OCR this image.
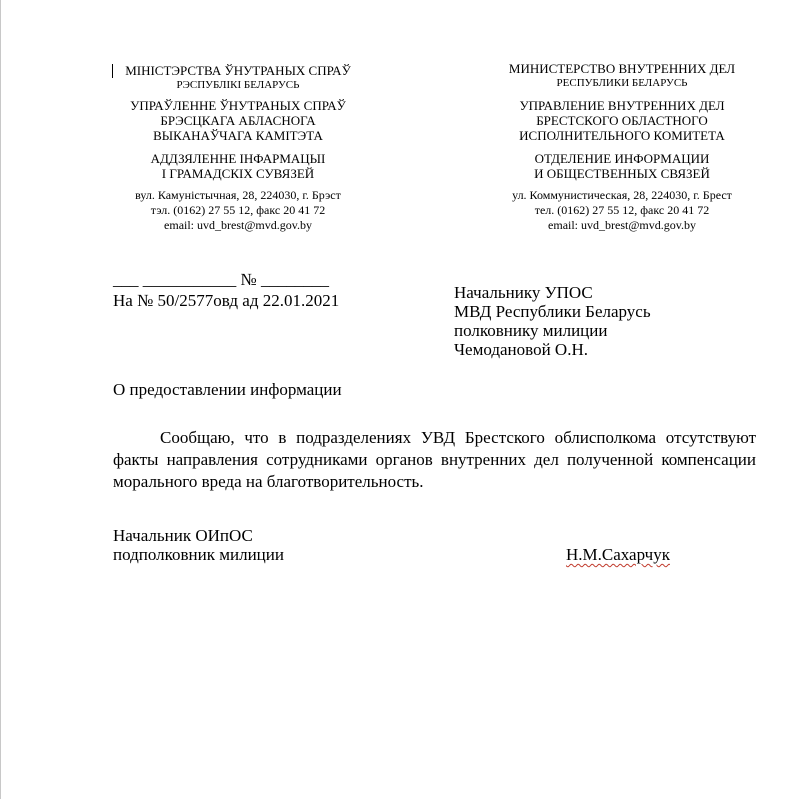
МІНІСТЭРСТВА ЎНУТРАНЫХ СПРАЎ
РЭСПУБЛІКІ БЕЛАРУСЬ
УПРАЎЛЕННЕ ЎНУТРАНЫХ СПРАЎ
БРЭСЦКАГА АБЛАСНОГА
ВЫКАНАЎЧАГА КАМІТЭТА
АДДЗЯЛЕННЕ ІНФАРМАЦЫІ
І ГРАМАДСКІХ СУВЯЗЕЙ
вул. Камуністычная, 28, 224030, г. Брэст
тэл. (0162) 27 55 12, факс 20 41 72
email: uvd_brest@mvd.gov.by
МИНИСТЕРСТВО ВНУТРЕННИХ ДЕЛ
РЕСПУБЛИКИ БЕЛАРУСЬ
УПРАВЛЕНИЕ ВНУТРЕННИХ ДЕЛ
БРЕСТСКОГО ОБЛАСТНОГО
ИСПОЛНИТЕЛЬНОГО КОМИТЕТА
ОТДЕЛЕНИЕ ИНФОРМАЦИИ
И ОБЩЕСТВЕННЫХ СВЯЗЕЙ
ул. Коммунистическая, 28, 224030, г. Брест
тел. (0162) 27 55 12, факс 20 41 72
email: uvd_brest@mvd.gov.by
___ ___________ № ________
На № 50/2577овд ад 22.01.2021	Начальнику УПОС
МВД Республики Беларусь
полковнику милиции
Чемодановой О.Н.
О предоставлении информации
Сообщаю, что в подразделениях УВД Брестского облисполкома отсутствуют факты направления сотрудниками органов внутренних дел полученной компенсации морального вреда на благотворительность.
Начальник ОИпОС
подполковник милиции	Н.М.Сахарчук
